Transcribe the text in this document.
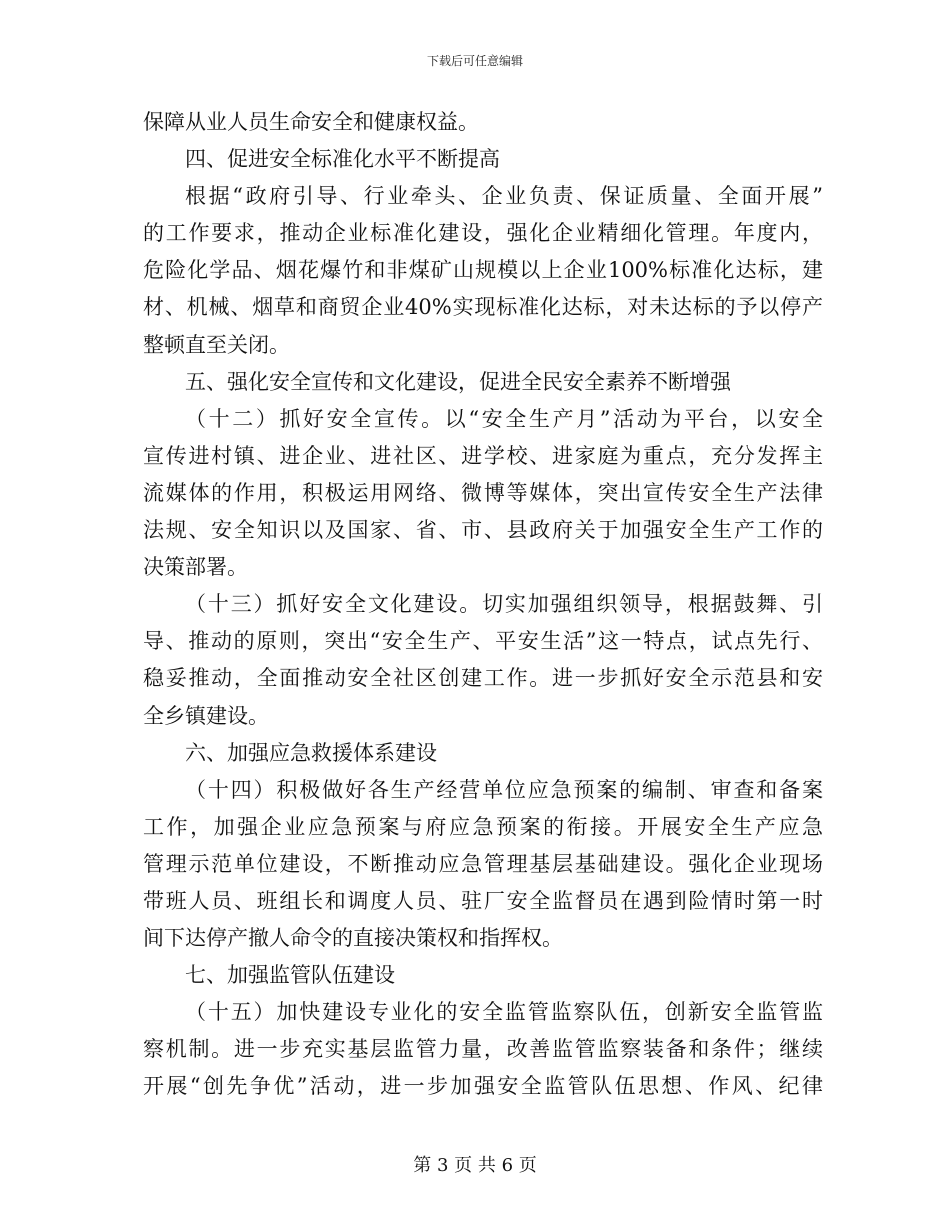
下载后可任意编辑
保障从业人员生命安全和健康权益。
四、促进安全标准化水平不断提高
根据“政府引导、行业牵头、企业负责、保证质量、全面开展”
的工作要求，推动企业标准化建设，强化企业精细化管理。年度内，
危险化学品、烟花爆竹和非煤矿山规模以上企业100%标准化达标，建
材、机械、烟草和商贸企业40%实现标准化达标，对未达标的予以停产
整顿直至关闭。
五、强化安全宣传和文化建设，促进全民安全素养不断增强
（十二）抓好安全宣传。以“安全生产月”活动为平台，以安全
宣传进村镇、进企业、进社区、进学校、进家庭为重点，充分发挥主
流媒体的作用，积极运用网络、微博等媒体，突出宣传安全生产法律
法规、安全知识以及国家、省、市、县政府关于加强安全生产工作的
决策部署。
（十三）抓好安全文化建设。切实加强组织领导，根据鼓舞、引
导、推动的原则，突出“安全生产、平安生活”这一特点，试点先行、
稳妥推动，全面推动安全社区创建工作。进一步抓好安全示范县和安
全乡镇建设。
六、加强应急救援体系建设
（十四）积极做好各生产经营单位应急预案的编制、审查和备案
工作，加强企业应急预案与府应急预案的衔接。开展安全生产应急
管理示范单位建设，不断推动应急管理基层基础建设。强化企业现场
带班人员、班组长和调度人员、驻厂安全监督员在遇到险情时第一时
间下达停产撤人命令的直接决策权和指挥权。
七、加强监管队伍建设
（十五）加快建设专业化的安全监管监察队伍，创新安全监管监
察机制。进一步充实基层监管力量，改善监管监察装备和条件；继续
开展“创先争优”活动，进一步加强安全监管队伍思想、作风、纪律
第 3 页 共 6 页
